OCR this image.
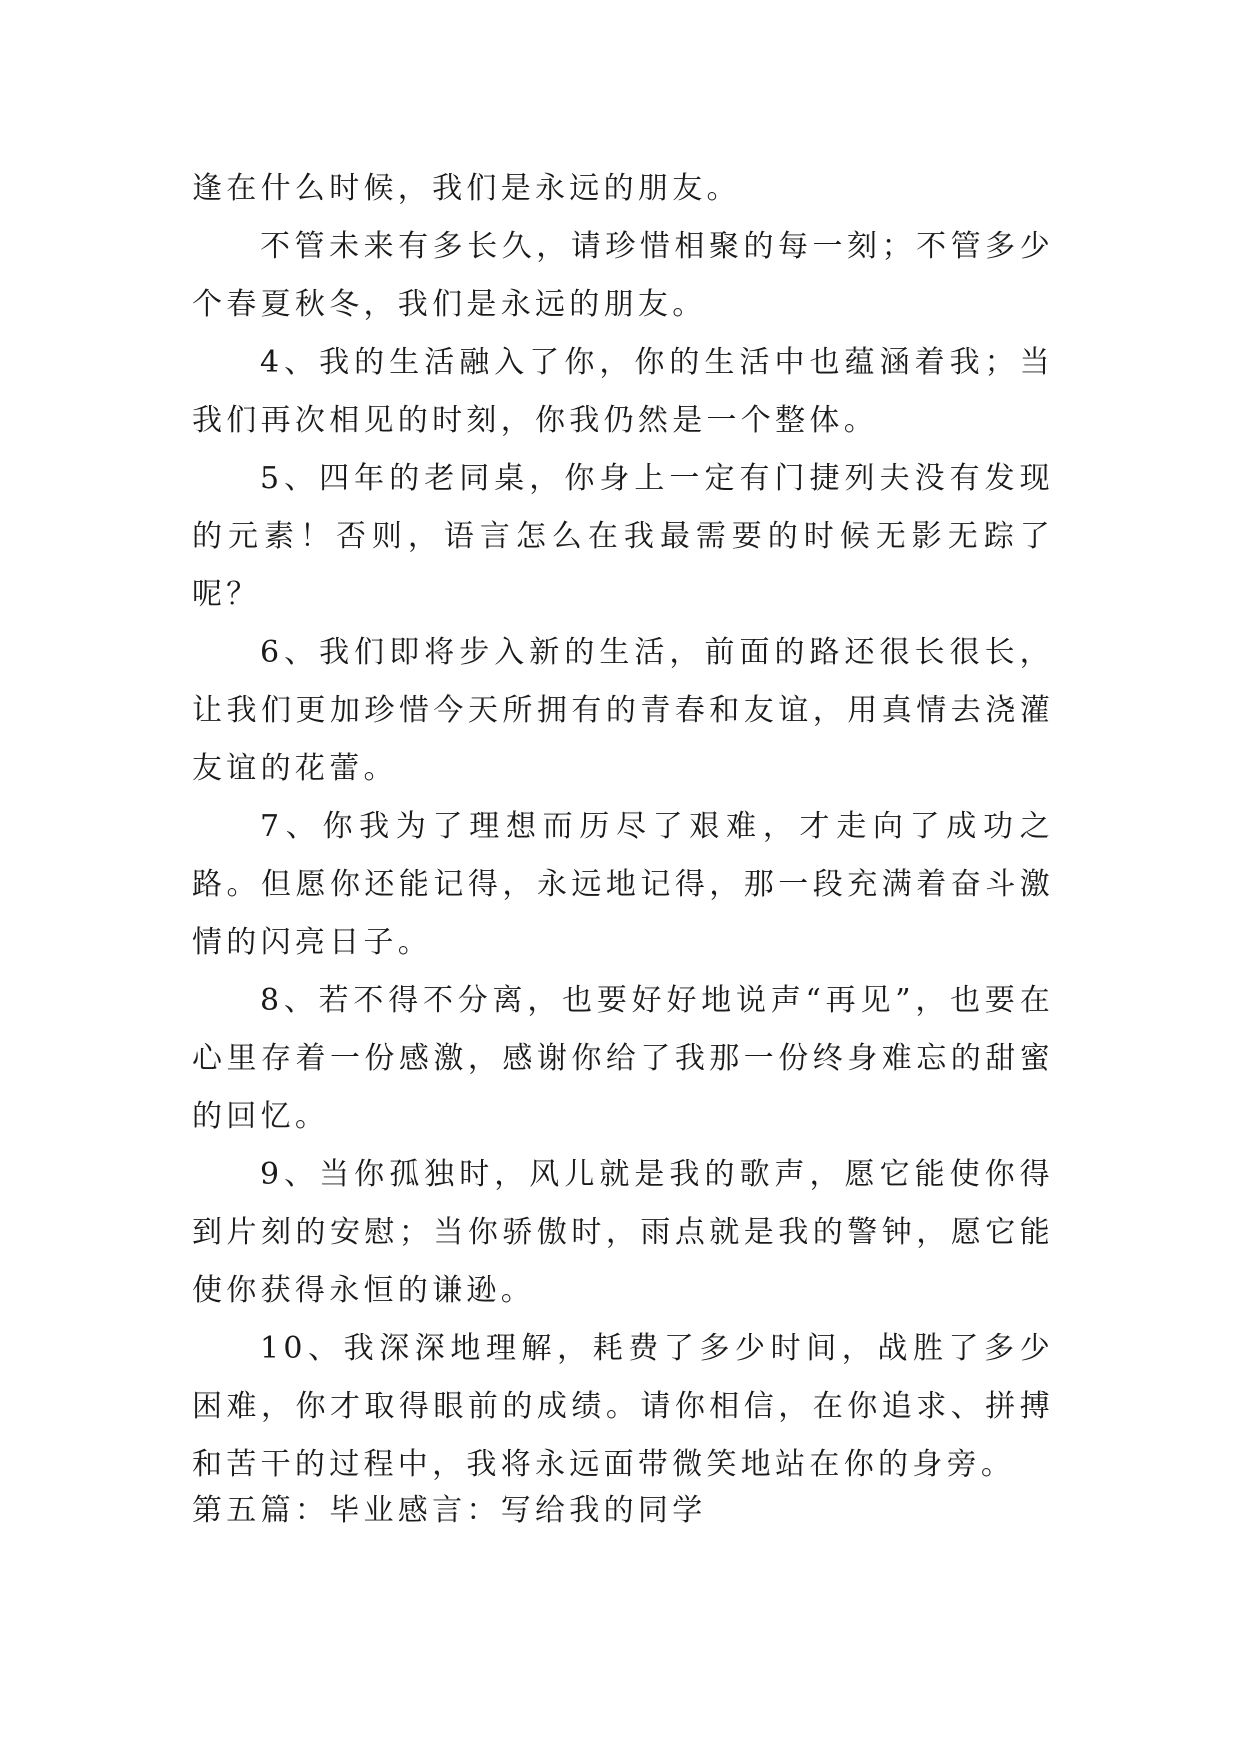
逢在什么时候，我们是永远的朋友。

不管未来有多长久，请珍惜相聚的每一刻；不管多少个春夏秋冬，我们是永远的朋友。

4、我的生活融入了你，你的生活中也蕴涵着我；当我们再次相见的时刻，你我仍然是一个整体。

5、四年的老同桌，你身上一定有门捷列夫没有发现的元素！否则，语言怎么在我最需要的时候无影无踪了呢？

6、我们即将步入新的生活，前面的路还很长很长，让我们更加珍惜今天所拥有的青春和友谊，用真情去浇灌友谊的花蕾。

7、你我为了理想而历尽了艰难，才走向了成功之路。但愿你还能记得，永远地记得，那一段充满着奋斗激情的闪亮日子。

8、若不得不分离，也要好好地说声“再见”，也要在心里存着一份感激，感谢你给了我那一份终身难忘的甜蜜的回忆。

9、当你孤独时，风儿就是我的歌声，愿它能使你得到片刻的安慰；当你骄傲时，雨点就是我的警钟，愿它能使你获得永恒的谦逊。

10、我深深地理解，耗费了多少时间，战胜了多少困难，你才取得眼前的成绩。请你相信，在你追求、拼搏和苦干的过程中，我将永远面带微笑地站在你的身旁。

第五篇：毕业感言：写给我的同学
